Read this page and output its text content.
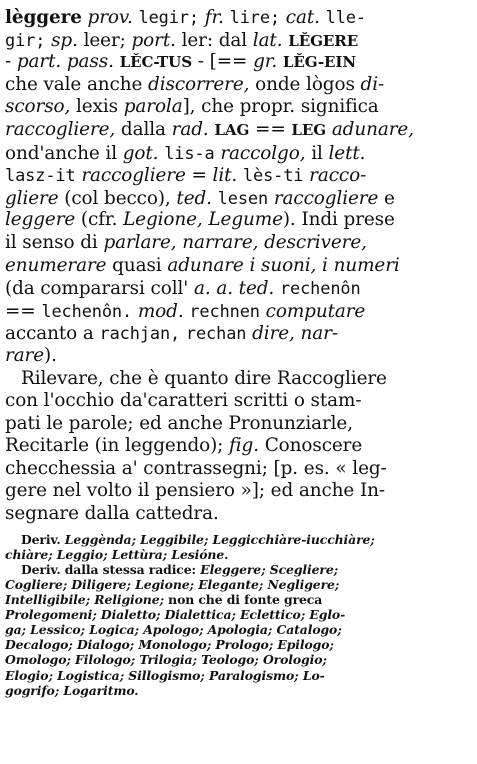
lèggere prov. legir; fr. lire; cat. lle-
gir; sp. leer; port. ler: dal lat. LĔGERE
- part. pass. LĔC-TUS - [== gr. LĔG-EIN
che vale anche discorrere, onde lògos di-
scorso, lexis parola], che propr. significa
raccogliere, dalla rad. LAG == LEG adunare,
ond'anche il got. lis-a raccolgo, il lett.
lasz-it raccogliere = lit. lès-ti racco-
gliere (col becco), ted. lesen raccogliere e
leggere (cfr. Legione, Legume). Indi prese
il senso di parlare, narrare, descrivere,
enumerare quasi adunare i suoni, i numeri
(da compararsi coll' a. a. ted. rechenôn
== lechenôn. mod. rechnen computare
accanto a rachjan, rechan dire, nar-
rare).
Rilevare, che è quanto dire Raccogliere
con l'occhio da'caratteri scritti o stam-
pati le parole; ed anche Pronunziarle,
Recitarle (in leggendo); fig. Conoscere
checchessia a' contrassegni; [p. es. « leg-
gere nel volto il pensiero »]; ed anche In-
segnare dalla cattedra.
Deriv. Leggènda; Leggibile; Leggicchiàre-iucchiàre;
chiàre; Leggio; Lettùra; Lesióne.
Deriv. dalla stessa radice: Eleggere; Scegliere;
Cogliere; Diligere; Legione; Elegante; Negligere;
Intelligibile; Religione; non che di fonte greca
Prolegomeni; Dialetto; Dialettica; Eclettico; Eglo-
ga; Lessico; Logica; Apologo; Apologia; Catalogo;
Decalogo; Dialogo; Monologo; Prologo; Epilogo;
Omologo; Filologo; Trilogia; Teologo; Orologio;
Elogio; Logistica; Sillogismo; Paralogismo; Lo-
gogrifo; Logaritmo.
